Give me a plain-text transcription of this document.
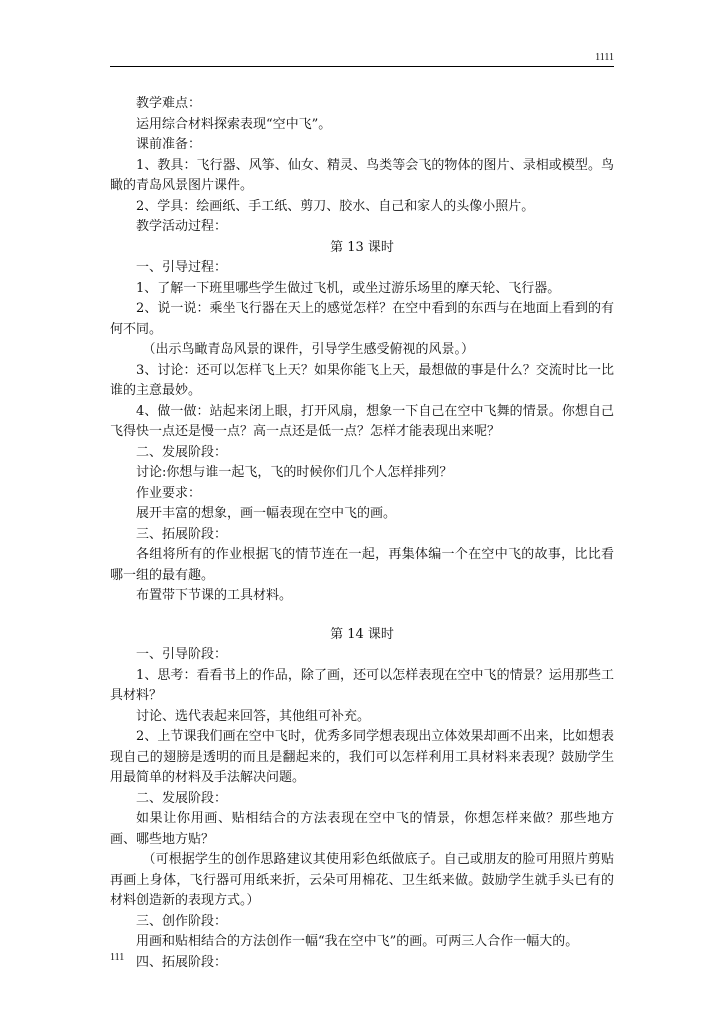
1111

教学难点：

运用综合材料探索表现“空中飞”。

课前准备：

1、教具：飞行器、风筝、仙女、精灵、鸟类等会飞的物体的图片、录相或模型。鸟瞰的青岛风景图片课件。

2、学具：绘画纸、手工纸、剪刀、胶水、自己和家人的头像小照片。

教学活动过程：

第 13 课时

一、引导过程：

1、了解一下班里哪些学生做过飞机，或坐过游乐场里的摩天轮、飞行器。

2、说一说：乘坐飞行器在天上的感觉怎样？在空中看到的东西与在地面上看到的有何不同。

（出示鸟瞰青岛风景的课件，引导学生感受俯视的风景。）

3、讨论：还可以怎样飞上天？如果你能飞上天，最想做的事是什么？交流时比一比谁的主意最妙。

4、做一做：站起来闭上眼，打开风扇，想象一下自己在空中飞舞的情景。你想自己飞得快一点还是慢一点？高一点还是低一点？怎样才能表现出来呢？

二、发展阶段：

讨论:你想与谁一起飞，飞的时候你们几个人怎样排列？

作业要求：

展开丰富的想象，画一幅表现在空中飞的画。

三、拓展阶段：

各组将所有的作业根据飞的情节连在一起，再集体编一个在空中飞的故事，比比看哪一组的最有趣。

布置带下节课的工具材料。

第 14 课时

一、引导阶段：

1、思考：看看书上的作品，除了画，还可以怎样表现在空中飞的情景？运用那些工具材料？

讨论、选代表起来回答，其他组可补充。

2、上节课我们画在空中飞时，优秀多同学想表现出立体效果却画不出来，比如想表现自己的翅膀是透明的而且是翻起来的，我们可以怎样利用工具材料来表现？鼓励学生用最简单的材料及手法解决问题。

二、发展阶段：

如果让你用画、贴相结合的方法表现在空中飞的情景，你想怎样来做？那些地方画、哪些地方贴？

（可根据学生的创作思路建议其使用彩色纸做底子。自己或朋友的脸可用照片剪贴再画上身体，飞行器可用纸来折，云朵可用棉花、卫生纸来做。鼓励学生就手头已有的材料创造新的表现方式。）

三、创作阶段：

用画和贴相结合的方法创作一幅“我在空中飞”的画。可两三人合作一幅大的。

四、拓展阶段：

111
